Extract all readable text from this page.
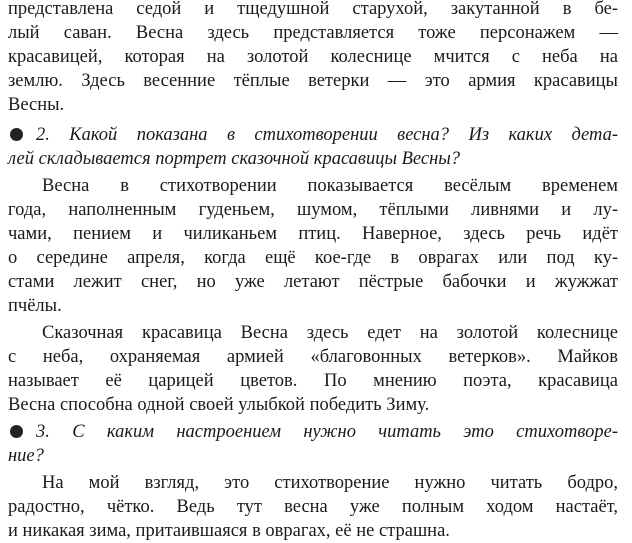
представлена седой и тщедушной старухой, закутанной в бе-
лый саван. Весна здесь представляется тоже персонажем —
красавицей, которая на золотой колеснице мчится с неба на
землю. Здесь весенние тёплые ветерки — это армия красавицы
Весны.
2. Какой показана в стихотворении весна? Из каких дета-
лей складывается портрет сказочной красавицы Весны?
Весна в стихотворении показывается весёлым временем
года, наполненным гуденьем, шумом, тёплыми ливнями и лу-
чами, пением и чиликаньем птиц. Наверное, здесь речь идёт
о середине апреля, когда ещё кое-где в оврагах или под ку-
стами лежит снег, но уже летают пёстрые бабочки и жужжат
пчёлы.
Сказочная красавица Весна здесь едет на золотой колеснице
с неба, охраняемая армией «благовонных ветерков». Майков
называет её царицей цветов. По мнению поэта, красавица
Весна способна одной своей улыбкой победить Зиму.
3. С каким настроением нужно читать это стихотворе-
ние?
На мой взгляд, это стихотворение нужно читать бодро,
радостно, чётко. Ведь тут весна уже полным ходом настаёт,
и никакая зима, притаившаяся в оврагах, её не страшна.
